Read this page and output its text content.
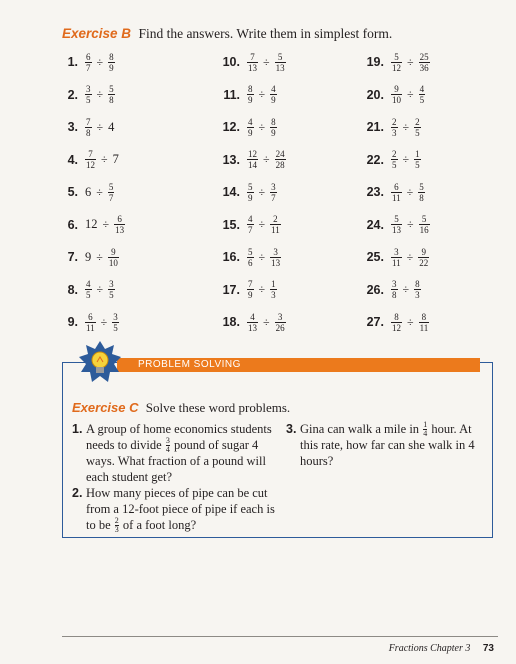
Exercise B Find the answers. Write them in simplest form.
1. $\frac{6}{7} \div \frac{8}{9}$
2. $\frac{3}{5} \div \frac{5}{8}$
3. $\frac{7}{8} \div 4$
4. $\frac{7}{12} \div 7$
5. $6 \div \frac{5}{7}$
6. $12 \div \frac{6}{13}$
7. $9 \div \frac{9}{10}$
8. $\frac{4}{5} \div \frac{3}{5}$
9. $\frac{6}{11} \div \frac{3}{5}$
10. $\frac{7}{13} \div \frac{5}{13}$
11. $\frac{8}{9} \div \frac{4}{9}$
12. $\frac{4}{9} \div \frac{8}{9}$
13. $\frac{12}{14} \div \frac{24}{28}$
14. $\frac{5}{9} \div \frac{3}{7}$
15. $\frac{4}{7} \div \frac{2}{11}$
16. $\frac{5}{6} \div \frac{3}{13}$
17. $\frac{7}{9} \div \frac{1}{3}$
18. $\frac{4}{13} \div \frac{3}{26}$
19. $\frac{5}{12} \div \frac{25}{36}$
20. $\frac{9}{10} \div \frac{4}{5}$
21. $\frac{2}{3} \div \frac{2}{5}$
22. $\frac{2}{5} \div \frac{1}{5}$
23. $\frac{6}{11} \div \frac{5}{8}$
24. $\frac{5}{13} \div \frac{5}{16}$
25. $\frac{3}{11} \div \frac{9}{22}$
26. $\frac{3}{8} \div \frac{8}{3}$
27. $\frac{8}{12} \div \frac{8}{11}$
PROBLEM SOLVING
Exercise C Solve these word problems.
1. A group of home economics students
needs to divide $\frac{3}{4}$ pound of sugar 4
ways. What fraction of a pound will
each student get?
2. How many pieces of pipe can be cut
from a 12-foot piece of pipe if each is
to be $\frac{2}{3}$ of a foot long?
3. Gina can walk a mile in $\frac{1}{4}$ hour. At
this rate, how far can she walk in 4
hours?
Fractions Chapter 3 73
